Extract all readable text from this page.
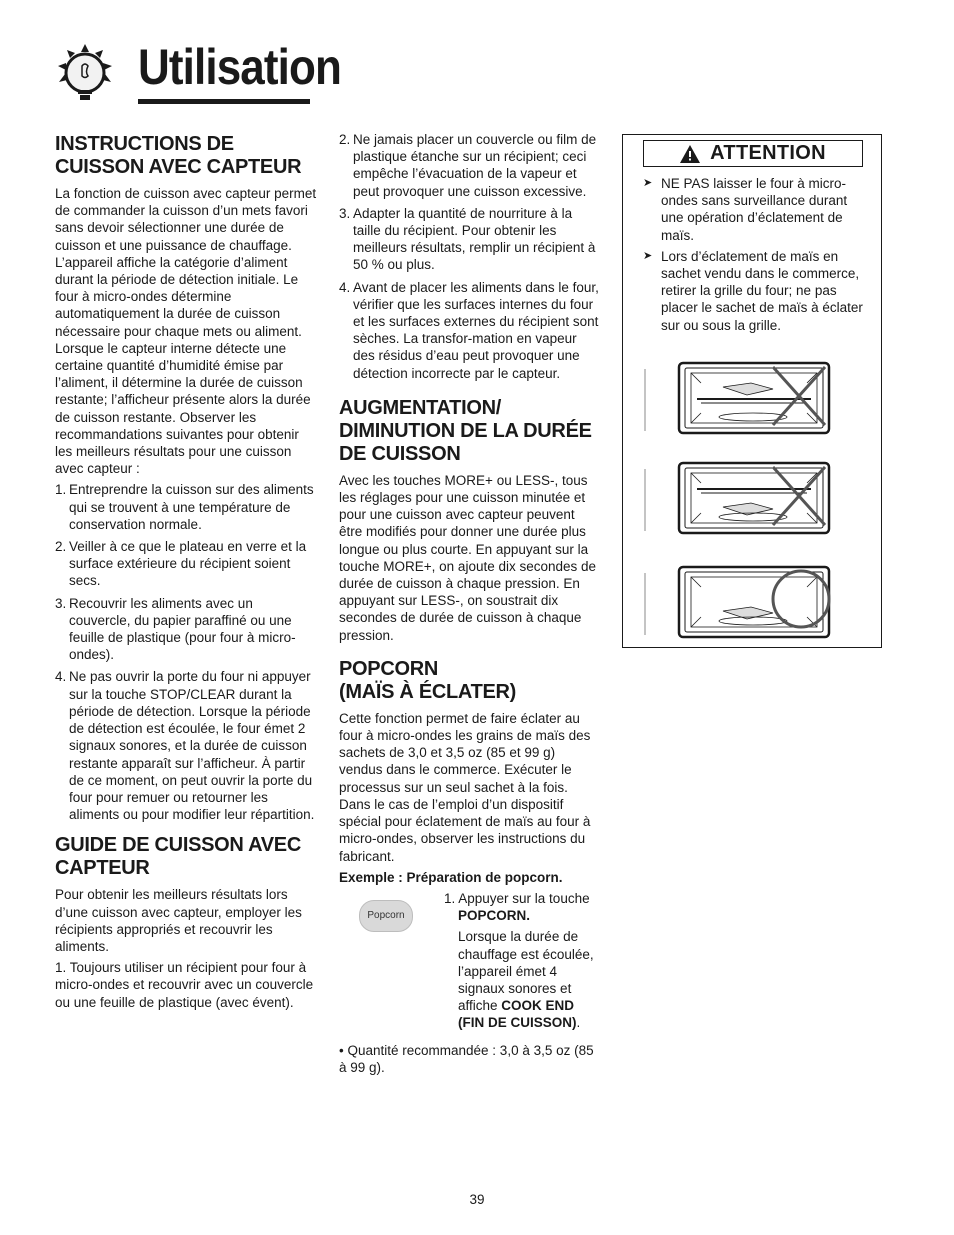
Utilisation
INSTRUCTIONS DE CUISSON AVEC CAPTEUR

La fonction de cuisson avec capteur permet de commander la cuisson d’un mets favori sans devoir sélectionner une durée de cuisson et une puissance de chauffage. L’appareil affiche la catégorie d’aliment durant la période de détection initiale. Le four à micro-ondes détermine automatiquement la durée de cuisson nécessaire pour chaque mets ou aliment. Lorsque le capteur interne détecte une certaine quantité d’humidité émise par l’aliment, il détermine la durée de cuisson restante; l’afficheur présente alors la durée de cuisson restante. Observer les recommandations suivantes pour obtenir les meilleurs résultats pour une cuisson avec capteur :

1. Entreprendre la cuisson sur des aliments qui se trouvent à une température de conservation normale.
2. Veiller à ce que le plateau en verre et la surface extérieure du récipient soient secs.
3. Recouvrir les aliments avec un couvercle, du papier paraffiné ou une feuille de plastique (pour four à micro-ondes).
4. Ne pas ouvrir la porte du four ni appuyer sur la touche STOP/CLEAR durant la période de détection. Lorsque la période de détection est écoulée, le four émet 2 signaux sonores, et la durée de cuisson restante apparaît sur l’afficheur. À partir de ce moment, on peut ouvrir la porte du four pour remuer ou retourner les aliments ou pour modifier leur répartition.
GUIDE DE CUISSON AVEC CAPTEUR

Pour obtenir les meilleurs résultats lors d’une cuisson avec capteur, employer les récipients appropriés et recouvrir les aliments.

1. Toujours utiliser un récipient pour four à micro-ondes et recouvrir avec un couvercle ou une feuille de plastique (avec évent).

2. Ne jamais placer un couvercle ou film de plastique étanche sur un récipient; ceci empêche l’évacuation de la vapeur et peut provoquer une cuisson excessive.
3. Adapter la quantité de nourriture à la taille du récipient. Pour obtenir les meilleurs résultats, remplir un récipient à 50 % ou plus.
4. Avant de placer les aliments dans le four, vérifier que les surfaces internes du four et les surfaces externes du récipient sont sèches. La transfor-mation en vapeur des résidus d’eau peut provoquer une détection incorrecte par le capteur.
AUGMENTATION/ DIMINUTION DE LA DURÉE DE CUISSON

Avec les touches MORE+ ou LESS-, tous les réglages pour une cuisson minutée et pour une cuisson avec capteur peuvent être modifiés pour donner une durée plus longue ou plus courte. En appuyant sur la touche MORE+, on ajoute dix secondes de durée de cuisson à chaque pression. En appuyant sur LESS-, on soustrait dix secondes de durée de cuisson à chaque pression.

POPCORN
(MAÏS À ÉCLATER)

Cette fonction permet de faire éclater au four à micro-ondes les grains de maïs des sachets de 3,0 et 3,5 oz (85 et 99 g) vendus dans le commerce. Exécuter le processus sur un seul sachet à la fois. Dans le cas de l’emploi d’un dispositif spécial pour éclatement de maïs au four à micro-ondes, observer les instructions du fabricant.

Exemple : Préparation de popcorn.

Popcorn
1. Appuyer sur la touche
POPCORN.
Lorsque la durée de chauffage est écoulée, l’appareil émet 4 signaux sonores et affiche COOK END (FIN DE CUISSON).

• Quantité recommandée : 3,0 à 3,5 oz (85 à 99 g).

ATTENTION
➤ NE PAS laisser le four à micro-ondes sans surveillance durant une opération d’éclatement de maïs.
➤ Lors d’éclatement de maïs en sachet vendu dans le commerce, retirer la grille du four; ne pas placer le sachet de maïs à éclater sur ou sous la grille.
39
